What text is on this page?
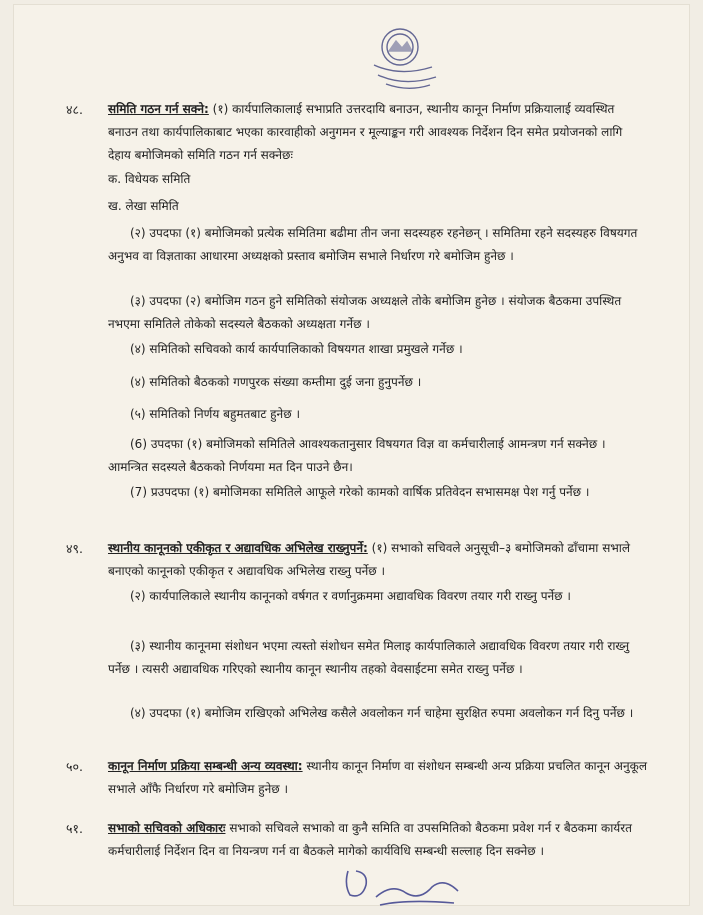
४८. समिति गठन गर्न सक्ने: (१) कार्यपालिकालाई सभाप्रति उत्तरदायि बनाउन, स्थानीय कानून निर्माण प्रक्रियालाई व्यवस्थित बनाउन तथा कार्यपालिकाबाट भएका कारवाहीको अनुगमन र मूल्याङ्कन गरी आवश्यक निर्देशन दिन समेत प्रयोजनको लागि देहाय बमोजिमको समिति गठन गर्न सक्नेछः
क. विधेयक समिति
ख. लेखा समिति
(२) उपदफा (१) बमोजिमको प्रत्येक समितिमा बढीमा तीन जना सदस्यहरु रहनेछन् । समितिमा रहने सदस्यहरु विषयगत अनुभव वा विज्ञताका आधारमा अध्यक्षको प्रस्ताव बमोजिम सभाले निर्धारण गरे बमोजिम हुनेछ ।
(३) उपदफा (२) बमोजिम गठन हुने समितिको संयोजक अध्यक्षले तोके बमोजिम हुनेछ । संयोजक बैठकमा उपस्थित नभएमा समितिले तोकेको सदस्यले बैठकको अध्यक्षता गर्नेछ ।
(४) समितिको सचिवको कार्य कार्यपालिकाको विषयगत शाखा प्रमुखले गर्नेछ ।
(४) समितिको बैठकको गणपुरक संख्या कम्तीमा दुई जना हुनुपर्नेछ ।
(५) समितिको निर्णय बहुमतबाट हुनेछ ।
(6) उपदफा (१) बमोजिमको समितिले आवश्यकतानुसार विषयगत विज्ञ वा कर्मचारीलाई आमन्त्रण गर्न सक्नेछ । आमन्त्रित सदस्यले बैठकको निर्णयमा मत दिन पाउने छैन।
(7) प्रउपदफा (१) बमोजिमका समितिले आफूले गरेको कामको वार्षिक प्रतिवेदन सभासमक्ष पेश गर्नु पर्नेछ ।
४९. स्थानीय कानूनको एकीकृत र अद्यावधिक अभिलेख राख्नुपर्ने: (१) सभाको सचिवले अनुसूची–३ बमोजिमको ढाँचामा सभाले बनाएको कानूनको एकीकृत र अद्यावधिक अभिलेख राख्नु पर्नेछ ।
(२) कार्यपालिकाले स्थानीय कानूनको वर्षगत र वर्णानुक्रममा अद्यावधिक विवरण तयार गरी राख्नु पर्नेछ ।
(३) स्थानीय कानूनमा संशोधन भएमा त्यस्तो संशोधन समेत मिलाइ कार्यपालिकाले अद्यावधिक विवरण तयार गरी राख्नु पर्नेछ । त्यसरी अद्यावधिक गरिएको स्थानीय कानून स्थानीय तहको वेवसाईटमा समेत राख्नु पर्नेछ ।
(४) उपदफा (१) बमोजिम राखिएको अभिलेख कसैले अवलोकन गर्न चाहेमा सुरक्षित रुपमा अवलोकन गर्न दिनु पर्नेछ ।
५०. कानून निर्माण प्रक्रिया सम्बन्धी अन्य व्यवस्था: स्थानीय कानून निर्माण वा संशोधन सम्बन्धी अन्य प्रक्रिया प्रचलित कानून अनुकूल सभाले आँफै निर्धारण गरे बमोजिम हुनेछ ।
५१. सभाको सचिवको अधिकारः सभाको सचिवले सभाको वा कुनै समिति वा उपसमितिको बैठकमा प्रवेश गर्न र बैठकमा कार्यरत कर्मचारीलाई निर्देशन दिन वा नियन्त्रण गर्न वा बैठकले मागेको कार्यविधि सम्बन्धी सल्लाह दिन सक्नेछ ।
